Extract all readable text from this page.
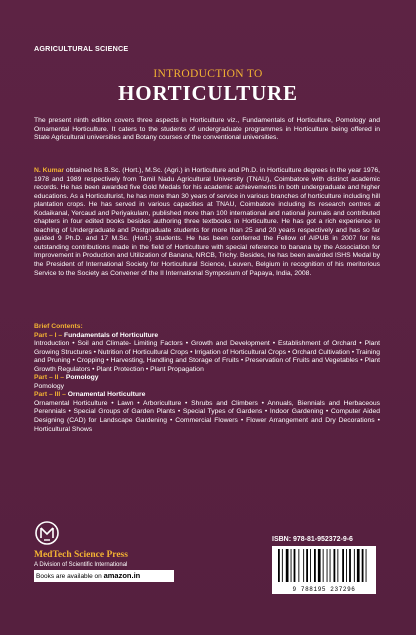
AGRICULTURAL SCIENCE
INTRODUCTION TO
HORTICULTURE
The present ninth edition covers three aspects in Horticulture viz., Fundamentals of Horticulture, Pomology and Ornamental Horticulture. It caters to the students of undergraduate programmes in Horticulture being offered in State Agricultural universities and Botany courses of the conventional universities.
N. Kumar obtained his B.Sc. (Hort.), M.Sc. (Agri.) in Horticulture and Ph.D. in Horticulture degrees in the year 1976, 1978 and 1989 respectively from Tamil Nadu Agricultural University (TNAU), Coimbatore with distinct academic records. He has been awarded five Gold Medals for his academic achievements in both undergraduate and higher educations. As a Horticulturist, he has more than 30 years of service in various branches of horticulture including hill plantation crops. He has served in various capacities at TNAU, Coimbatore including its research centres at Kodaikanal, Yercaud and Periyakulam, published more than 100 international and national journals and contributed chapters in four edited books besides authoring three textbooks in Horticulture. He has got a rich experience in teaching of Undergraduate and Postgraduate students for more than 25 and 20 years respectively and has so far guided 9 Ph.D. and 17 M.Sc. (Hort.) students. He has been conferred the Fellow of AIPUB in 2007 for his outstanding contributions made in the field of Horticulture with special reference to banana by the Association for Improvement in Production and Utilization of Banana, NRCB, Trichy. Besides, he has been awarded ISHS Medal by the President of International Society for Horticultural Science, Leuven, Belgium in recognition of his meritorious Service to the Society as Convener of the II International Symposium of Papaya, India, 2008.
Brief Contents:
Part – I – Fundamentals of Horticulture
Introduction • Soil and Climate- Limiting Factors • Growth and Development • Establishment of Orchard • Plant Growing Structures • Nutrition of Horticultural Crops • Irrigation of Horticultural Crops • Orchard Cultivation • Training and Pruning • Cropping • Harvesting, Handling and Storage of Fruits • Preservation of Fruits and Vegetables • Plant Growth Regulators • Plant Protection • Plant Propagation
Part – II – Pomology
Pomology
Part – III – Ornamental Horticulture
Ornamental Horticulture • Lawn • Arboriculture • Shrubs and Climbers • Annuals, Biennials and Herbaceous Perennials • Special Groups of Garden Plants • Special Types of Gardens • Indoor Gardening • Computer Aided Designing (CAD) for Landscape Gardening • Commercial Flowers • Flower Arrangement and Dry Decorations • Horticultural Shows
MedTech Science Press
A Division of Scientific International
Books are available on amazon.in
ISBN: 978-81-952372-9-6
9 788195 237296
